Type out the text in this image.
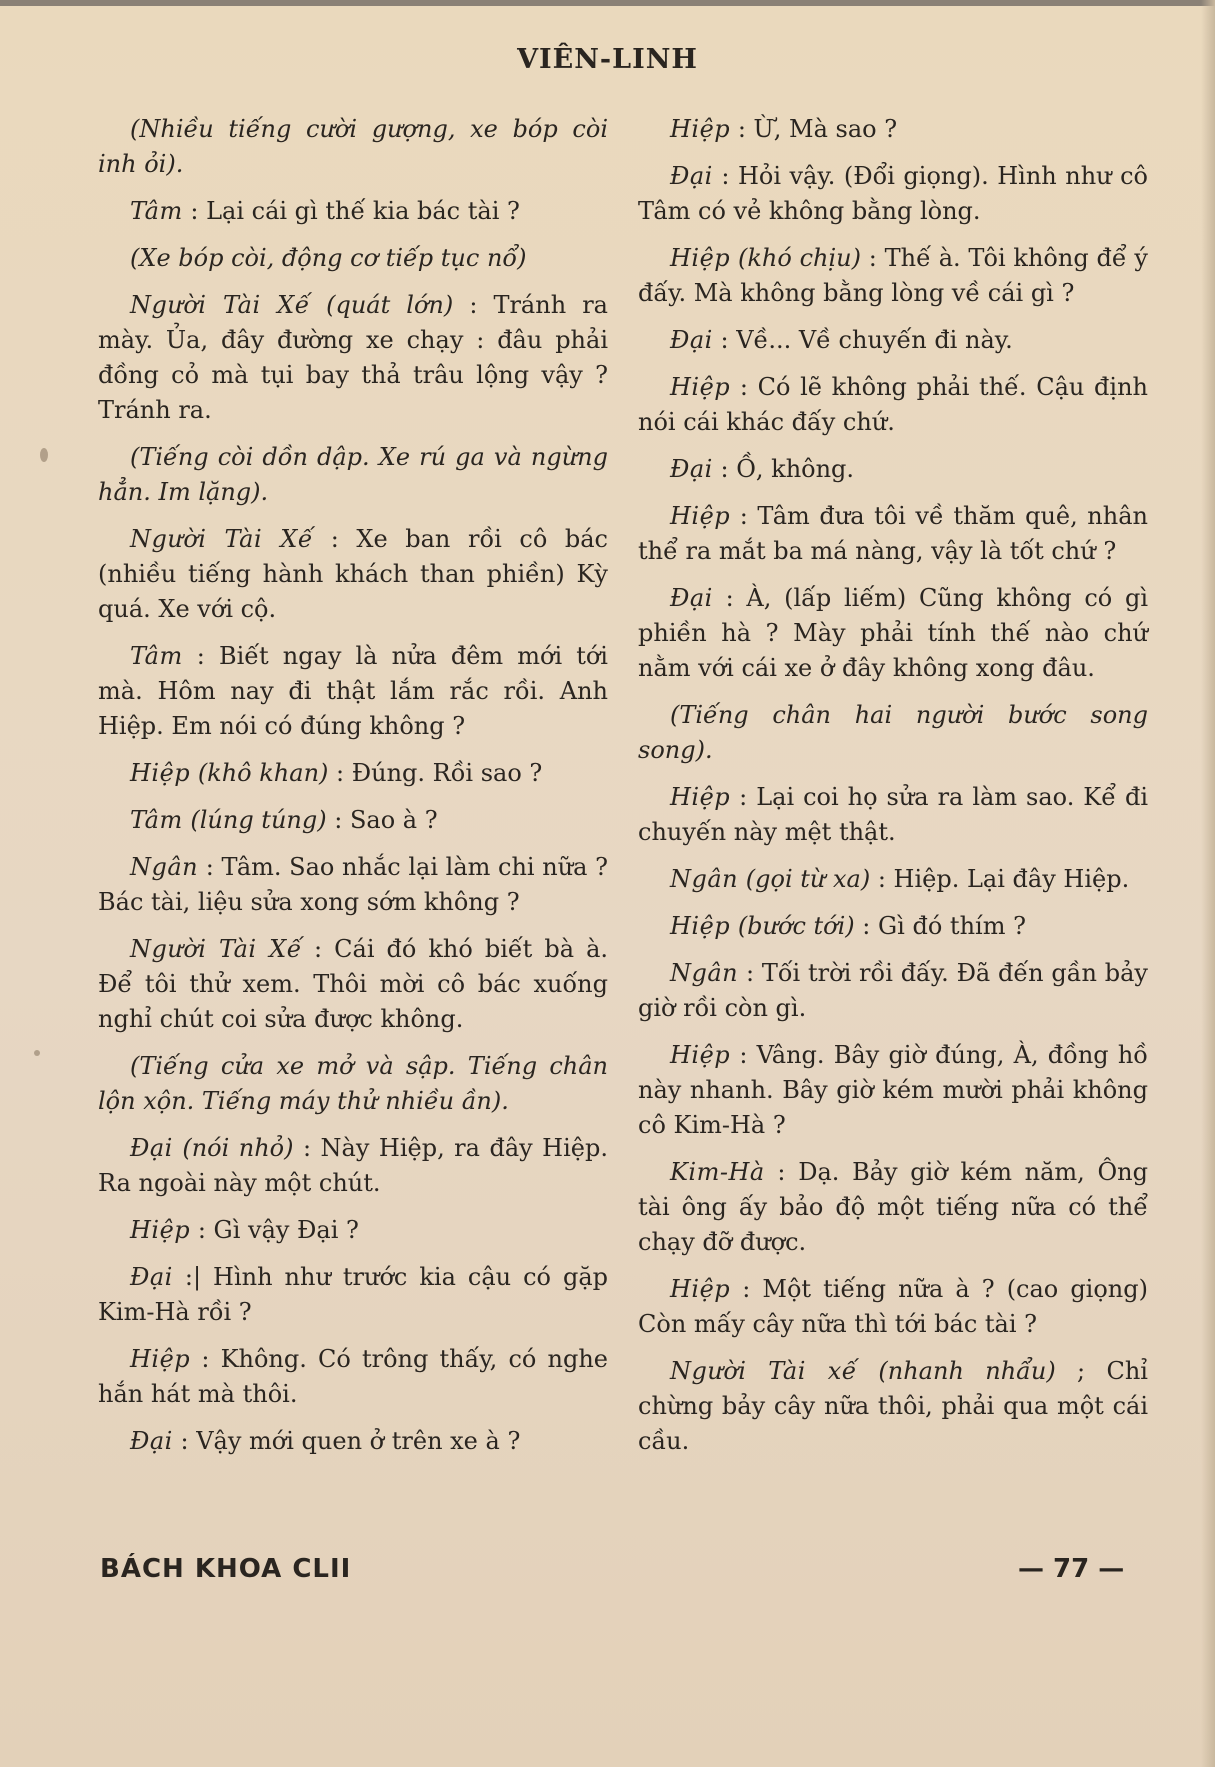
VIÊN-LINH

(Nhiều tiếng cười gượng, xe bóp còi inh ỏi).

Tâm : Lại cái gì thế kia bác tài ?

(Xe bóp còi, động cơ tiếp tục nổ)

Người Tài Xế (quát lớn) : Tránh ra mày. Ủa, đây đường xe chạy : đâu phải đồng cỏ mà tụi bay thả trâu lộng vậy ? Tránh ra.

(Tiếng còi dồn dập. Xe rú ga và ngừng hẳn. Im lặng).

Người Tài Xế : Xe ban rồi cô bác (nhiều tiếng hành khách than phiền) Kỳ quá. Xe với cộ.

Tâm : Biết ngay là nửa đêm mới tới mà. Hôm nay đi thật lắm rắc rồi. Anh Hiệp. Em nói có đúng không ?

Hiệp (khô khan) : Đúng. Rồi sao ?

Tâm (lúng túng) : Sao à ?

Ngân : Tâm. Sao nhắc lại làm chi nữa ? Bác tài, liệu sửa xong sớm không ?

Người Tài Xế : Cái đó khó biết bà à. Để tôi thử xem. Thôi mời cô bác xuống nghỉ chút coi sửa được không.

(Tiếng cửa xe mở và sập. Tiếng chân lộn xộn. Tiếng máy thử nhiều ần).

Đại (nói nhỏ) : Này Hiệp, ra đây Hiệp. Ra ngoài này một chút.

Hiệp : Gì vậy Đại ?

Đại :| Hình như trước kia cậu có gặp Kim-Hà rồi ?

Hiệp : Không. Có trông thấy, có nghe hắn hát mà thôi.

Đại : Vậy mới quen ở trên xe à ?

Hiệp : Ừ, Mà sao ?

Đại : Hỏi vậy. (Đổi giọng). Hình như cô Tâm có vẻ không bằng lòng.

Hiệp (khó chịu) : Thế à. Tôi không để ý đấy. Mà không bằng lòng về cái gì ?

Đại : Về... Về chuyến đi này.

Hiệp : Có lẽ không phải thế. Cậu định nói cái khác đấy chứ.

Đại : Ồ, không.

Hiệp : Tâm đưa tôi về thăm quê, nhân thể ra mắt ba má nàng, vậy là tốt chứ ?

Đại : À, (lấp liếm) Cũng không có gì phiền hà ? Mày phải tính thế nào chứ nằm với cái xe ở đây không xong đâu.

(Tiếng chân hai người bước song song).

Hiệp : Lại coi họ sửa ra làm sao. Kể đi chuyến này mệt thật.

Ngân (gọi từ xa) : Hiệp. Lại đây Hiệp.

Hiệp (bước tới) : Gì đó thím ?

Ngân : Tối trời rồi đấy. Đã đến gần bảy giờ rồi còn gì.

Hiệp : Vâng. Bây giờ đúng, À, đồng hồ này nhanh. Bây giờ kém mười phải không cô Kim-Hà ?

Kim-Hà : Dạ. Bảy giờ kém năm, Ông tài ông ấy bảo độ một tiếng nữa có thể chạy đỡ được.

Hiệp : Một tiếng nữa à ? (cao giọng) Còn mấy cây nữa thì tới bác tài ?

Người Tài xế (nhanh nhẩu) ; Chỉ chừng bảy cây nữa thôi, phải qua một cái cầu.

BÁCH KHOA CLII	— 77 —
